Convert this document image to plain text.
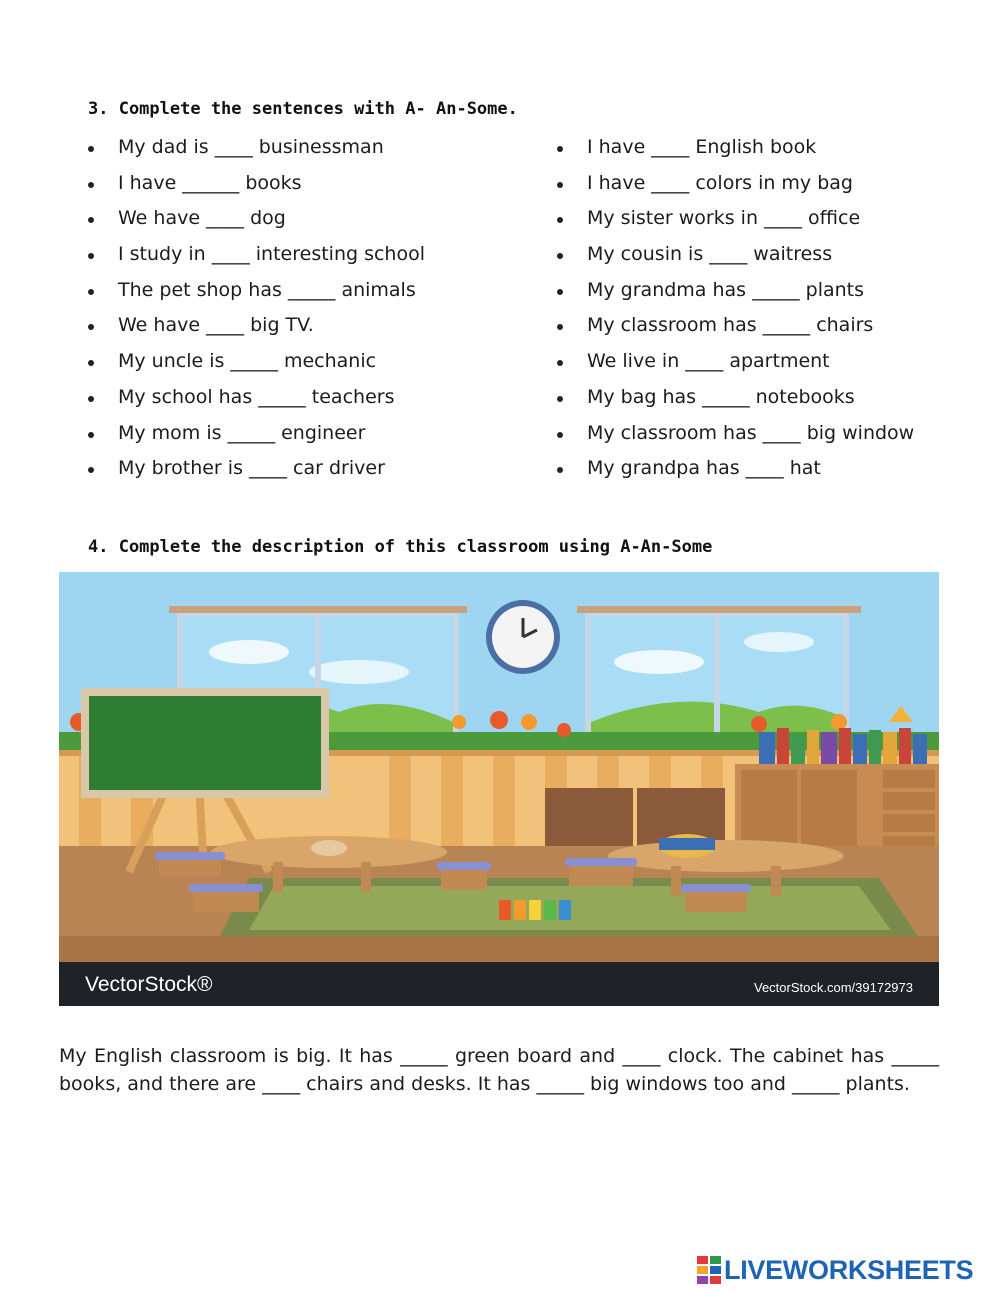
3. Complete the sentences with A- An-Some.
My dad is ____ businessman
I have ______ books
We have ____ dog
I study in ____ interesting school
The pet shop has _____ animals
We have ____ big TV.
My uncle is _____ mechanic
My school has _____ teachers
My mom is _____ engineer
My brother is ____ car driver
I have ____ English book
I have ____ colors in my bag
My sister works in ____ office
My cousin is ____ waitress
My grandma has _____ plants
My classroom has _____ chairs
We live in ____ apartment
My bag has _____ notebooks
My classroom has ____ big window
My grandpa has ____ hat
4. Complete the description of this classroom using A-An-Some
VectorStock®	VectorStock.com/39172973

My English classroom is big. It has _____ green board and ____ clock. The cabinet has _____ books, and there are ____ chairs and desks. It has _____ big windows too and _____ plants.

LIVEWORKSHEETS
